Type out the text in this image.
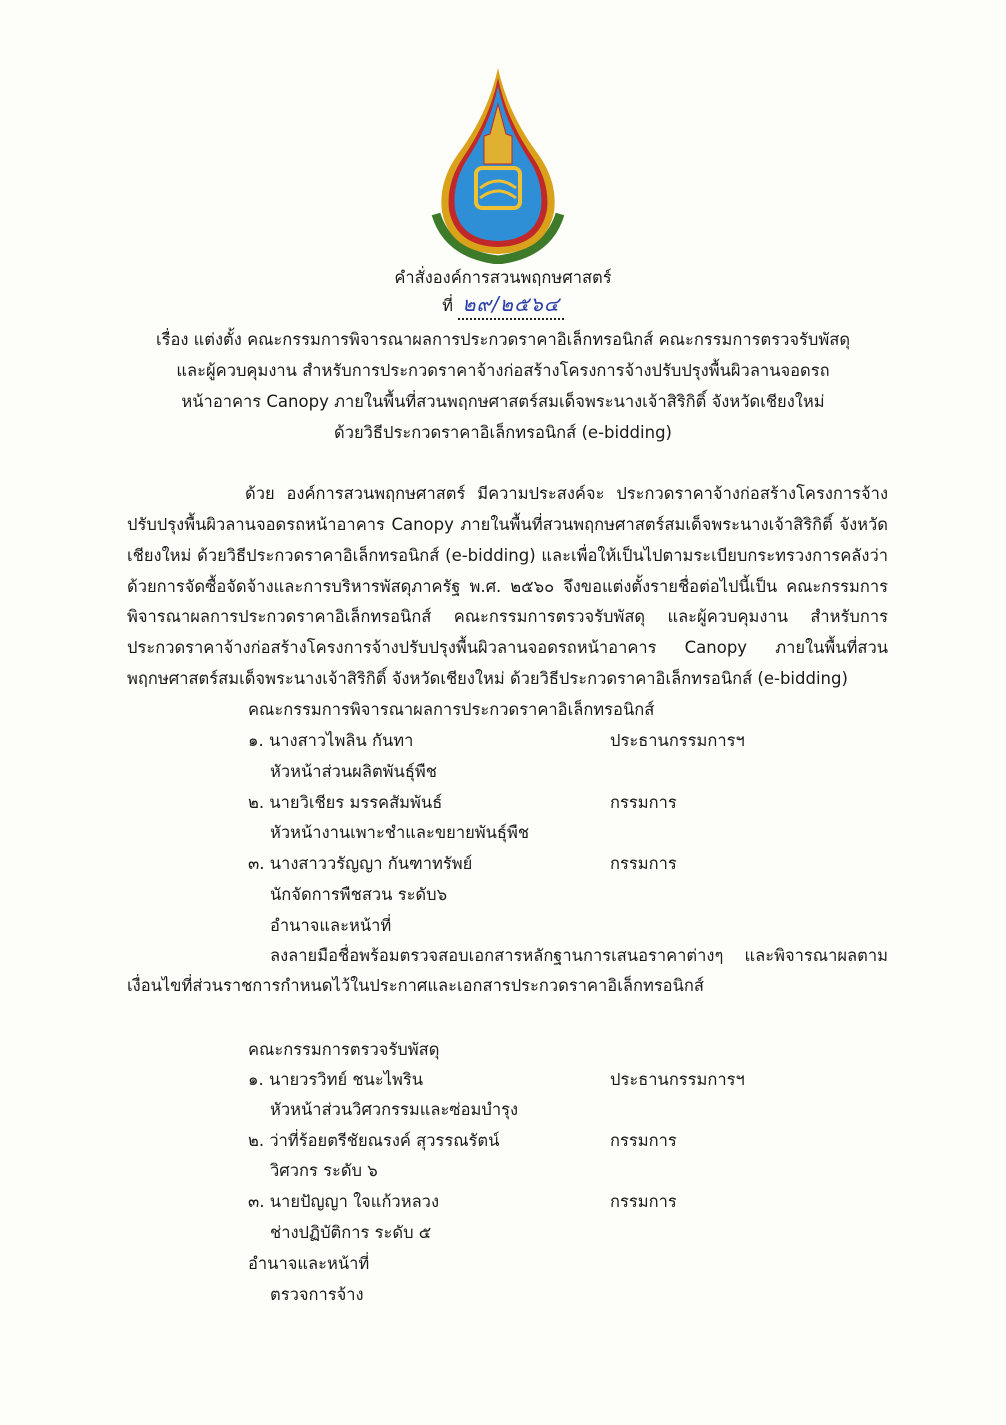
คำสั่งองค์การสวนพฤกษศาสตร์
ที่ ๒๙/๒๕๖๔
เรื่อง แต่งตั้ง คณะกรรมการพิจารณาผลการประกวดราคาอิเล็กทรอนิกส์ คณะกรรมการตรวจรับพัสดุ
และผู้ควบคุมงาน สำหรับการประกวดราคาจ้างก่อสร้างโครงการจ้างปรับปรุงพื้นผิวลานจอดรถ
หน้าอาคาร Canopy ภายในพื้นที่สวนพฤกษศาสตร์สมเด็จพระนางเจ้าสิริกิติ์ จังหวัดเชียงใหม่
ด้วยวิธีประกวดราคาอิเล็กทรอนิกส์ (e-bidding)
ด้วย องค์การสวนพฤกษศาสตร์ มีความประสงค์จะ ประกวดราคาจ้างก่อสร้างโครงการจ้าง
ปรับปรุงพื้นผิวลานจอดรถหน้าอาคาร Canopy ภายในพื้นที่สวนพฤกษศาสตร์สมเด็จพระนางเจ้าสิริกิติ์ จังหวัด
เชียงใหม่ ด้วยวิธีประกวดราคาอิเล็กทรอนิกส์ (e-bidding) และเพื่อให้เป็นไปตามระเบียบกระทรวงการคลังว่า
ด้วยการจัดซื้อจัดจ้างและการบริหารพัสดุภาครัฐ พ.ศ. ๒๕๖๐ จึงขอแต่งตั้งรายชื่อต่อไปนี้เป็น คณะกรรมการ
พิจารณาผลการประกวดราคาอิเล็กทรอนิกส์ คณะกรรมการตรวจรับพัสดุ และผู้ควบคุมงาน สำหรับการ
ประกวดราคาจ้างก่อสร้างโครงการจ้างปรับปรุงพื้นผิวลานจอดรถหน้าอาคาร Canopy ภายในพื้นที่สวน
พฤกษศาสตร์สมเด็จพระนางเจ้าสิริกิติ์ จังหวัดเชียงใหม่ ด้วยวิธีประกวดราคาอิเล็กทรอนิกส์ (e-bidding)
คณะกรรมการพิจารณาผลการประกวดราคาอิเล็กทรอนิกส์
๑. นางสาวไพลิน กันทา	ประธานกรรมการฯ
หัวหน้าส่วนผลิตพันธุ์พืช
๒. นายวิเชียร มรรคสัมพันธ์	กรรมการ
หัวหน้างานเพาะชำและขยายพันธุ์พืช
๓. นางสาววรัญญา กันฑาทรัพย์	กรรมการ
นักจัดการพืชสวน ระดับ๖
อำนาจและหน้าที่
ลงลายมือชื่อพร้อมตรวจสอบเอกสารหลักฐานการเสนอราคาต่างๆ และพิจารณาผลตาม
เงื่อนไขที่ส่วนราชการกำหนดไว้ในประกาศและเอกสารประกวดราคาอิเล็กทรอนิกส์
คณะกรรมการตรวจรับพัสดุ
๑. นายวรวิทย์ ชนะไพริน	ประธานกรรมการฯ
หัวหน้าส่วนวิศวกรรมและซ่อมบำรุง
๒. ว่าที่ร้อยตรีชัยณรงค์ สุวรรณรัตน์	กรรมการ
วิศวกร ระดับ ๖
๓. นายปัญญา ใจแก้วหลวง	กรรมการ
ช่างปฏิบัติการ ระดับ ๕
อำนาจและหน้าที่
ตรวจการจ้าง
